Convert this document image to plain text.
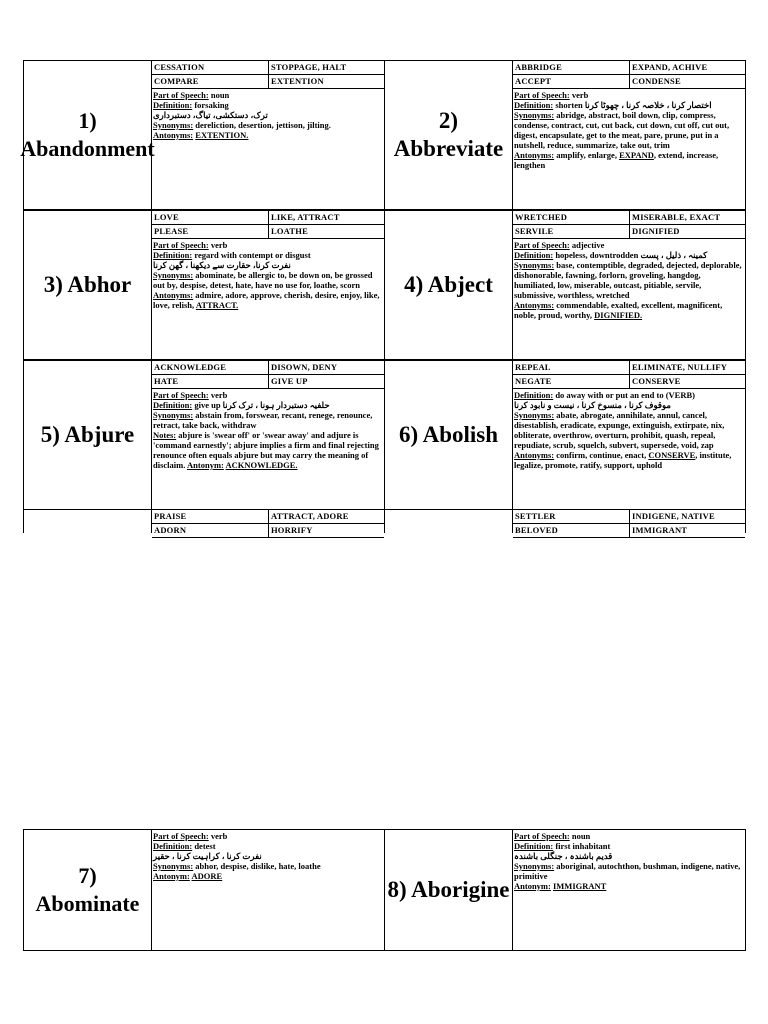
1) Abandonment
CESSATION	STOPPAGE, HALT
COMPARE	EXTENTION
Part of Speech: noun
Definition: forsaking
ترک، دستکشی، تیاگ، دستبرداری
Synonyms: dereliction, desertion, jettison, jilting.
Antonyms: EXTENTION.
2) Abbreviate
ABBRIDGE	EXPAND, ACHIVE
ACCEPT	CONDENSE
Part of Speech: verb
Definition: shorten اختصار کرنا ، خلاصہ کرنا ، چھوٹا کرنا
Synonyms: abridge, abstract, boil down, clip, compress, condense, contract, cut, cut back, cut down, cut off, cut out, digest, encapsulate, get to the meat, pare, prune, put in a nutshell, reduce, summarize, take out, trim
Antonyms: amplify, enlarge, EXPAND, extend, increase, lengthen
3) Abhor
LOVE	LIKE, ATTRACT
PLEASE	LOATHE
Part of Speech: verb
Definition: regard with contempt or disgust
نفرت کرنا، حقارت سے دیکھنا ، گھن کرنا
Synonyms: abominate, be allergic to, be down on, be grossed out by, despise, detest, hate, have no use for, loathe, scorn
Antonyms: admire, adore, approve, cherish, desire, enjoy, like, love, relish, ATTRACT.
4) Abject
WRETCHED	MISERABLE, EXACT
SERVILE	DIGNIFIED
Part of Speech: adjective
Definition: hopeless, downtrodden کمینہ ، ذلیل ، پست
Synonyms: base, contemptible, degraded, dejected, deplorable, dishonorable, fawning, forlorn, groveling, hangdog, humiliated, low, miserable, outcast, pitiable, servile, submissive, worthless, wretched
Antonyms: commendable, exalted, excellent, magnificent, noble, proud, worthy, DIGNIFIED.
5) Abjure
ACKNOWLEDGE	DISOWN, DENY
HATE	GIVE UP
Part of Speech: verb
Definition: give up حلفیہ دستبردار ہونا ، ترک کرنا
Synonyms: abstain from, forswear, recant, renege, renounce, retract, take back, withdraw
Notes: abjure is 'swear off' or 'swear away' and adjure is 'command earnestly'; abjure implies a firm and final rejecting renounce often equals abjure but may carry the meaning of disclaim. Antonym: ACKNOWLEDGE.
6) Abolish
REPEAL	ELIMINATE, NULLIFY
NEGATE	CONSERVE
Definition: do away with or put an end to (VERB)
موقوف کرنا ، منسوخ کرنا ، نیست و نابود کرنا
Synonyms: abate, abrogate, annihilate, annul, cancel, disestablish, eradicate, expunge, extinguish, extirpate, nix, obliterate, overthrow, overturn, prohibit, quash, repeal, repudiate, scrub, squelch, subvert, supersede, void, zap
Antonyms: confirm, continue, enact, CONSERVE, institute, legalize, promote, ratify, support, uphold
PRAISE	ATTRACT, ADORE
ADORN	HORRIFY
SETTLER	INDIGENE, NATIVE
BELOVED	IMMIGRANT
7) Abominate
Part of Speech: verb
Definition: detest
نفرت کرنا ، کراہیت کرنا ، حقیر
Synonyms: abhor, despise, dislike, hate, loathe
Antonym: ADORE
8) Aborigine
Part of Speech: noun
Definition: first inhabitant
قدیم باشندہ ، جنگلی باشندہ
Synonyms: aboriginal, autochthon, bushman, indigene, native, primitive
Antonym: IMMIGRANT
